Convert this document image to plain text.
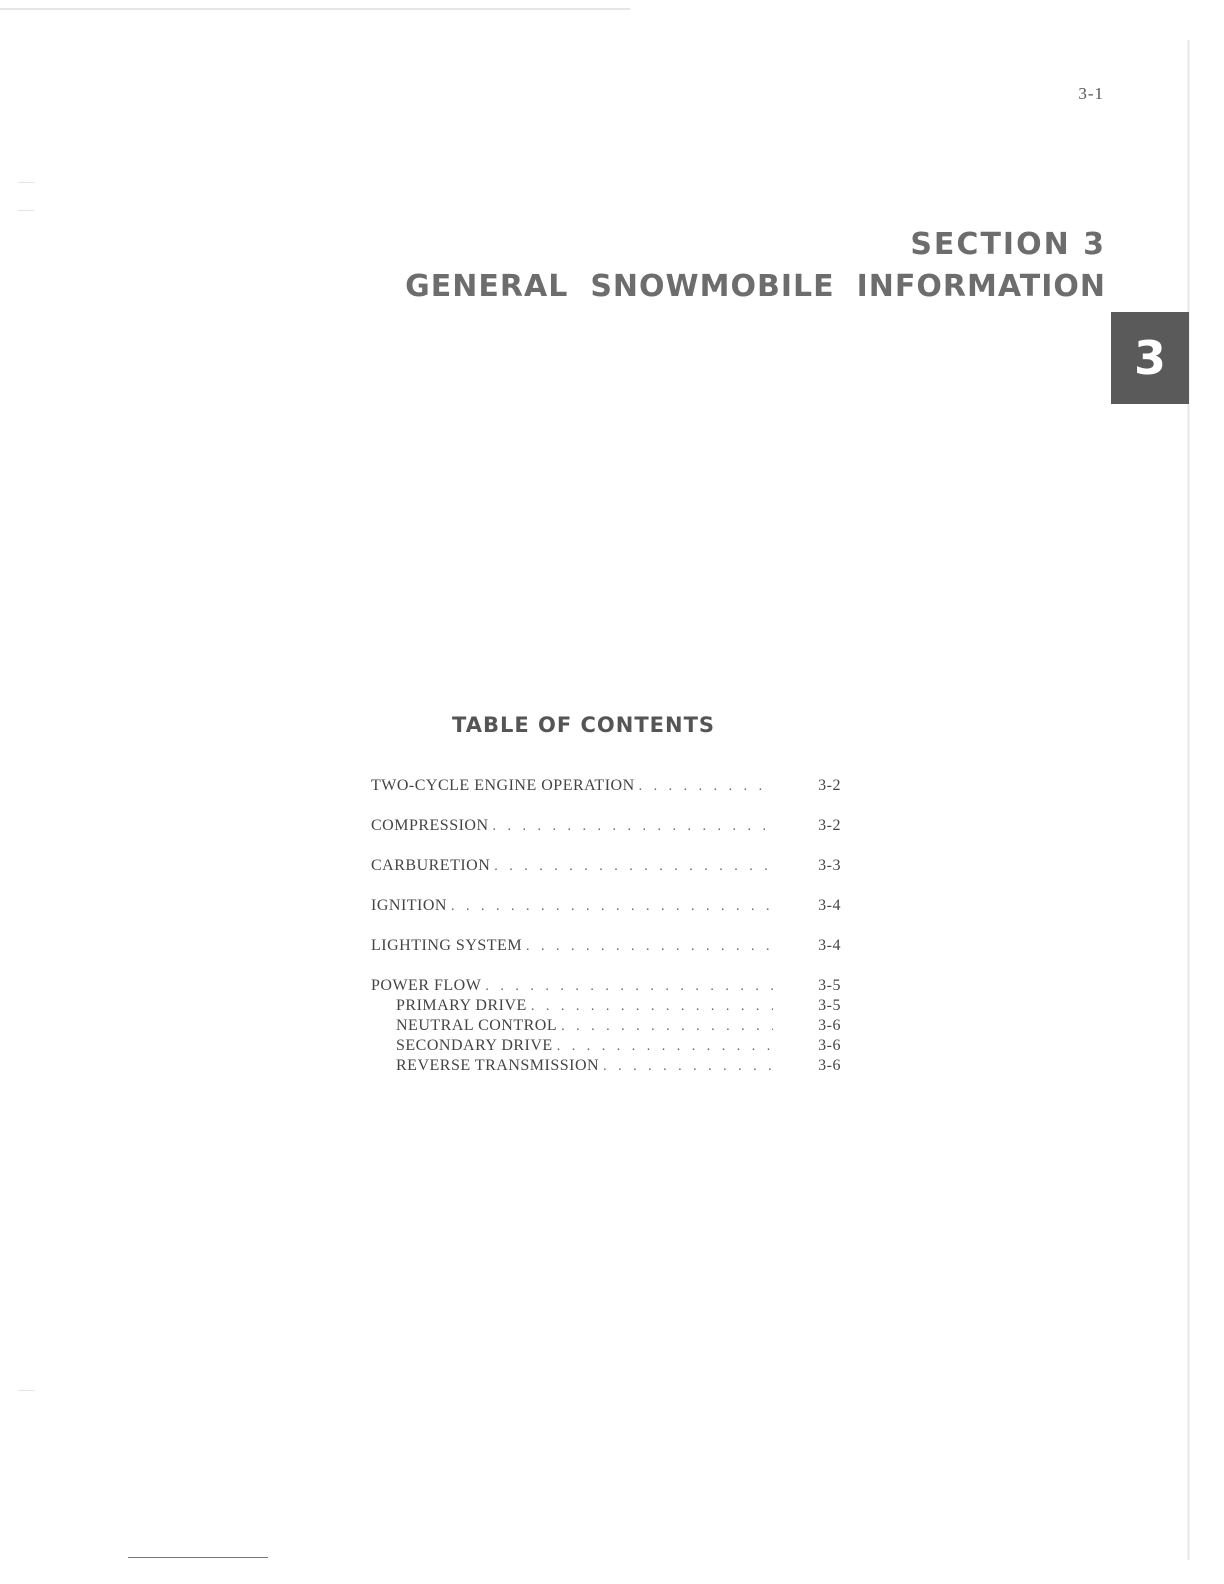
3-1
SECTION 3
GENERAL SNOWMOBILE INFORMATION
3
TABLE OF CONTENTS
TWO-CYCLE ENGINE OPERATION . . .	3-2
COMPRESSION . . .	3-2
CARBURETION . . .	3-3
IGNITION . . .	3-4
LIGHTING SYSTEM . . .	3-4
POWER FLOW . . .	3-5
PRIMARY DRIVE . . .	3-5
NEUTRAL CONTROL . . .	3-6
SECONDARY DRIVE . . .	3-6
REVERSE TRANSMISSION . . .	3-6
